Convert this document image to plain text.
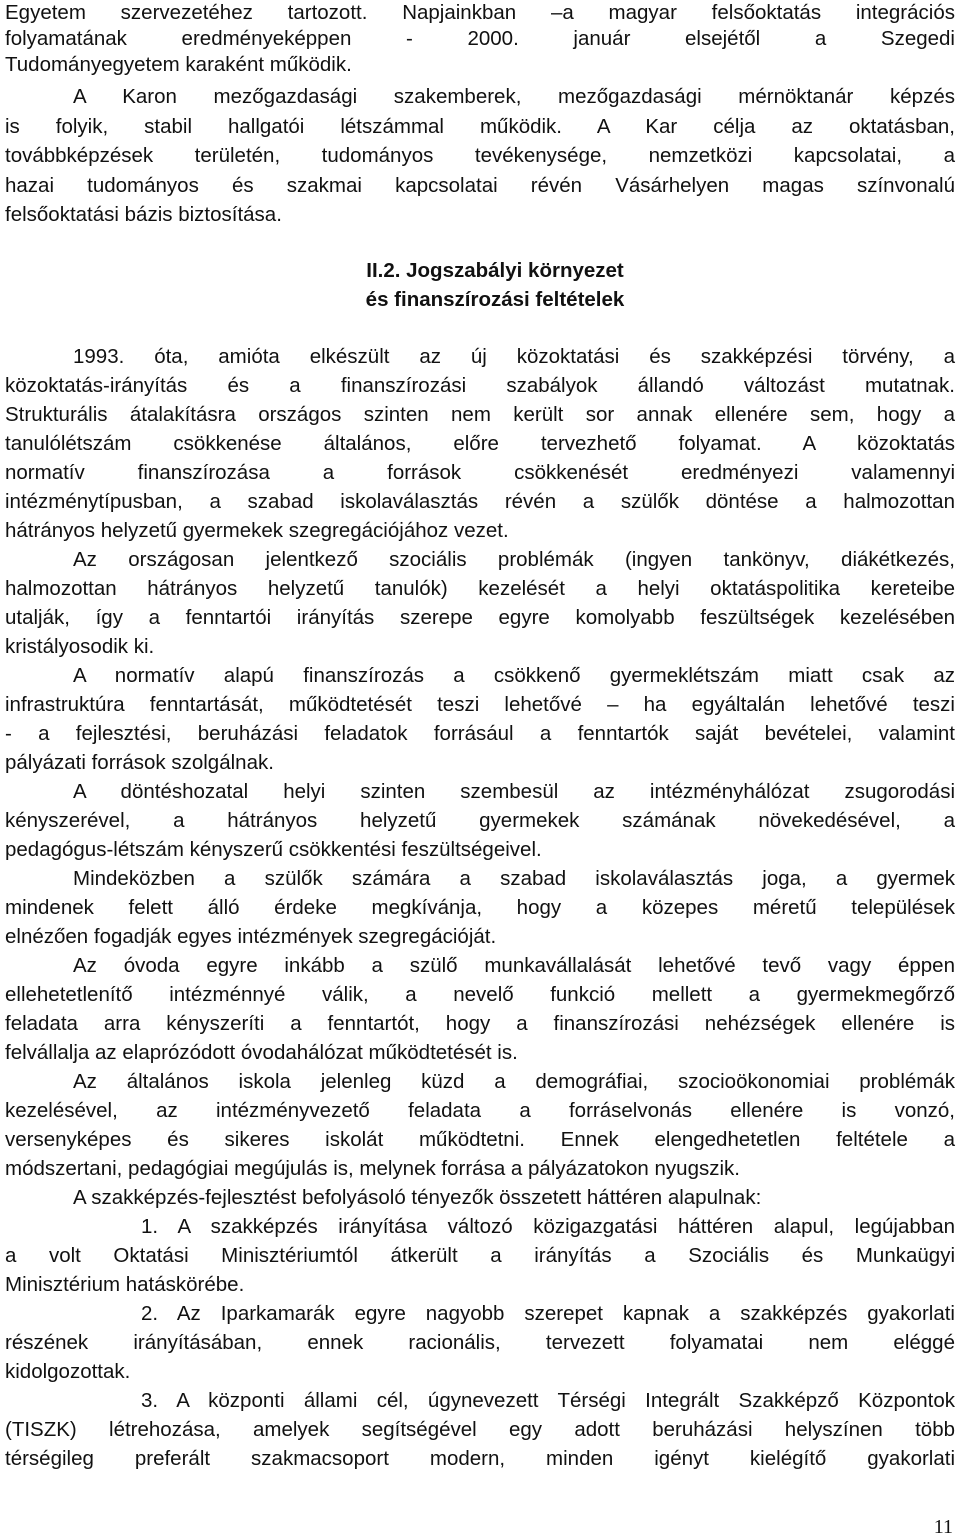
Egyetem szervezetéhez tartozott. Napjainkban –a magyar felsőoktatás integrációs

folyamatának eredményeképpen - 2000. január elsejétől a Szegedi

Tudományegyetem karaként működik.

A Karon mezőgazdasági szakemberek, mezőgazdasági mérnöktanár képzés

is folyik, stabil hallgatói létszámmal működik. A Kar célja az oktatásban,

továbbképzések területén, tudományos tevékenysége, nemzetközi kapcsolatai, a

hazai tudományos és szakmai kapcsolatai révén Vásárhelyen magas színvonalú

felsőoktatási bázis biztosítása.

II.2. Jogszabályi környezet

és finanszírozási feltételek

1993. óta, amióta elkészült az új közoktatási és szakképzési törvény, a

közoktatás-irányítás és a finanszírozási szabályok állandó változást mutatnak.

Strukturális átalakításra országos szinten nem került sor annak ellenére sem, hogy a

tanulólétszám csökkenése általános, előre tervezhető folyamat. A közoktatás

normatív finanszírozása a források csökkenését eredményezi valamennyi

intézménytípusban, a szabad iskolaválasztás révén a szülők döntése a halmozottan

hátrányos helyzetű gyermekek szegregációjához vezet.

Az országosan jelentkező szociális problémák (ingyen tankönyv, diákétkezés,

halmozottan hátrányos helyzetű tanulók) kezelését a helyi oktatáspolitika kereteibe

utalják, így a fenntartói irányítás szerepe egyre komolyabb feszültségek kezelésében

kristályosodik ki.

A normatív alapú finanszírozás a csökkenő gyermeklétszám miatt csak az

infrastruktúra fenntartását, működtetését teszi lehetővé – ha egyáltalán lehetővé teszi

- a fejlesztési, beruházási feladatok forrásául a fenntartók saját bevételei, valamint

pályázati források szolgálnak.

A döntéshozatal helyi szinten szembesül az intézményhálózat zsugorodási

kényszerével, a hátrányos helyzetű gyermekek számának növekedésével, a

pedagógus-létszám kényszerű csökkentési feszültségeivel.

Mindeközben a szülők számára a szabad iskolaválasztás joga, a gyermek

mindenek felett álló érdeke megkívánja, hogy a közepes méretű települések

elnézően fogadják egyes intézmények szegregációját.

Az óvoda egyre inkább a szülő munkavállalását lehetővé tevő vagy éppen

ellehetetlenítő intézménnyé válik, a nevelő funkció mellett a gyermekmegőrző

feladata arra kényszeríti a fenntartót, hogy a finanszírozási nehézségek ellenére is

felvállalja az elaprózódott óvodahálózat működtetését is.

Az általános iskola jelenleg küzd a demográfiai, szocioökonomiai problémák

kezelésével, az intézményvezető feladata a forráselvonás ellenére is vonzó,

versenyképes és sikeres iskolát működtetni. Ennek elengedhetetlen feltétele a

módszertani, pedagógiai megújulás is, melynek forrása a pályázatokon nyugszik.

A szakképzés-fejlesztést befolyásoló tényezők összetett háttéren alapulnak:

1. A szakképzés irányítása változó közigazgatási háttéren alapul, legújabban

a volt Oktatási Minisztériumtól átkerült a irányítás a Szociális és Munkaügyi

Minisztérium hatáskörébe.

2. Az Iparkamarák egyre nagyobb szerepet kapnak a szakképzés gyakorlati

részének irányításában, ennek racionális, tervezett folyamatai nem eléggé

kidolgozottak.

3. A központi állami cél, úgynevezett Térségi Integrált Szakképző Központok

(TISZK) létrehozása, amelyek segítségével egy adott beruházási helyszínen több

térségileg preferált szakmacsoport modern, minden igényt kielégítő gyakorlati

11
